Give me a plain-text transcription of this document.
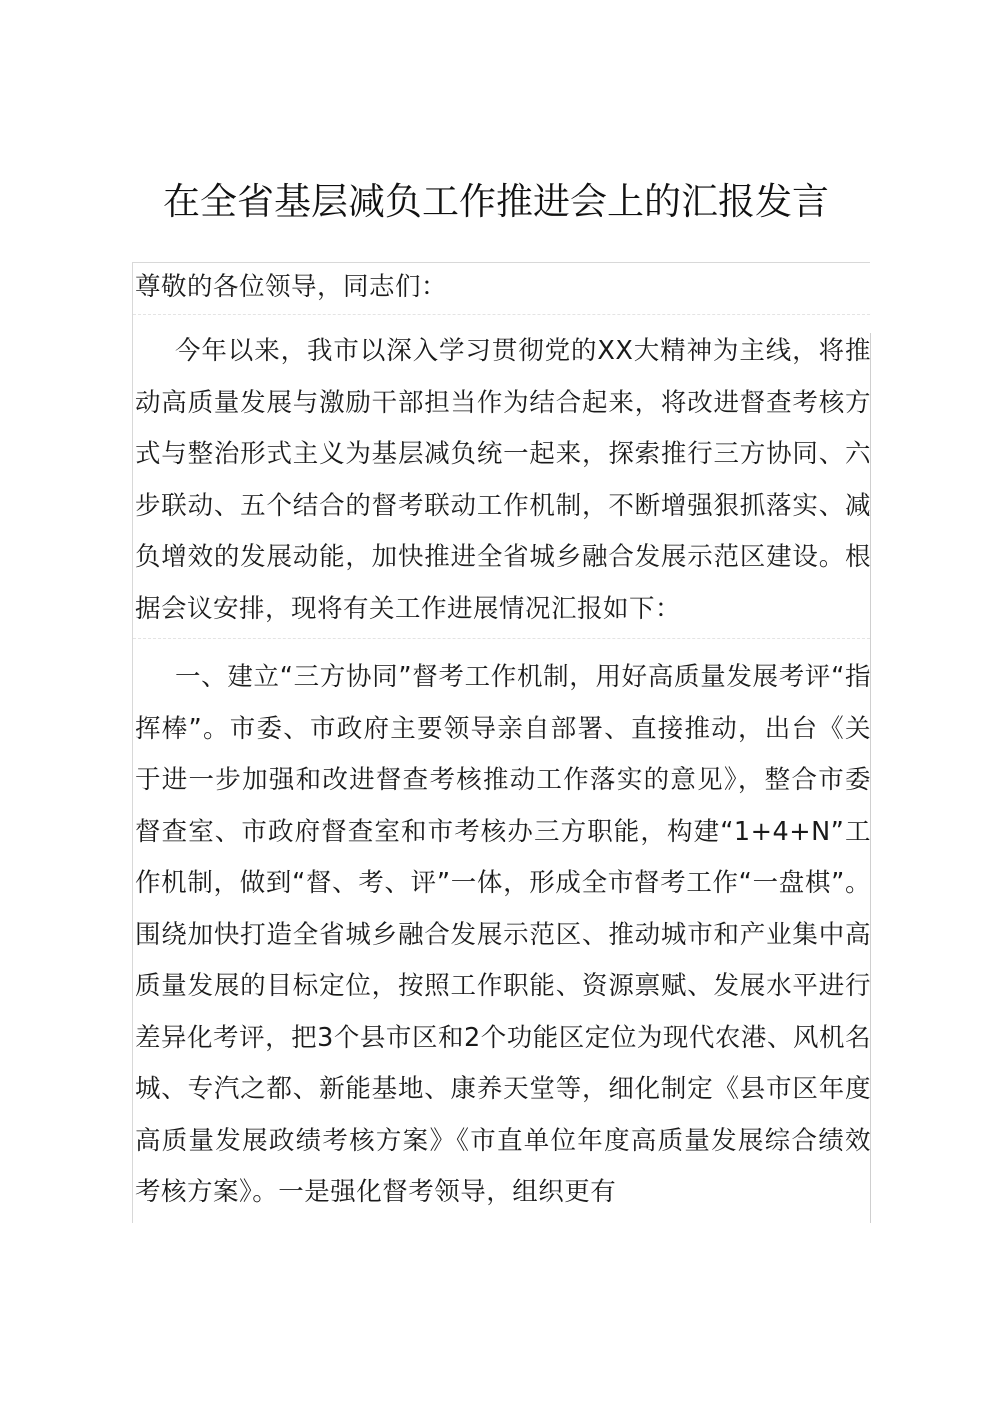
在全省基层减负工作推进会上的汇报发言

尊敬的各位领导，同志们：

今年以来，我市以深入学习贯彻党的XX大精神为主线，将推动高质量发展与激励干部担当作为结合起来，将改进督查考核方式与整治形式主义为基层减负统一起来，探索推行三方协同、六步联动、五个结合的督考联动工作机制，不断增强狠抓落实、减负增效的发展动能，加快推进全省城乡融合发展示范区建设。根据会议安排，现将有关工作进展情况汇报如下：

一、建立“三方协同”督考工作机制，用好高质量发展考评“指挥棒”。市委、市政府主要领导亲自部署、直接推动，出台《关于进一步加强和改进督查考核推动工作落实的意见》，整合市委督查室、市政府督查室和市考核办三方职能，构建“1+4+N”工作机制，做到“督、考、评”一体，形成全市督考工作“一盘棋”。围绕加快打造全省城乡融合发展示范区、推动城市和产业集中高质量发展的目标定位，按照工作职能、资源禀赋、发展水平进行差异化考评，把3个县市区和2个功能区定位为现代农港、风机名城、专汽之都、新能基地、康养天堂等，细化制定《县市区年度高质量发展政绩考核方案》《市直单位年度高质量发展综合绩效考核方案》。一是强化督考领导，组织更有
